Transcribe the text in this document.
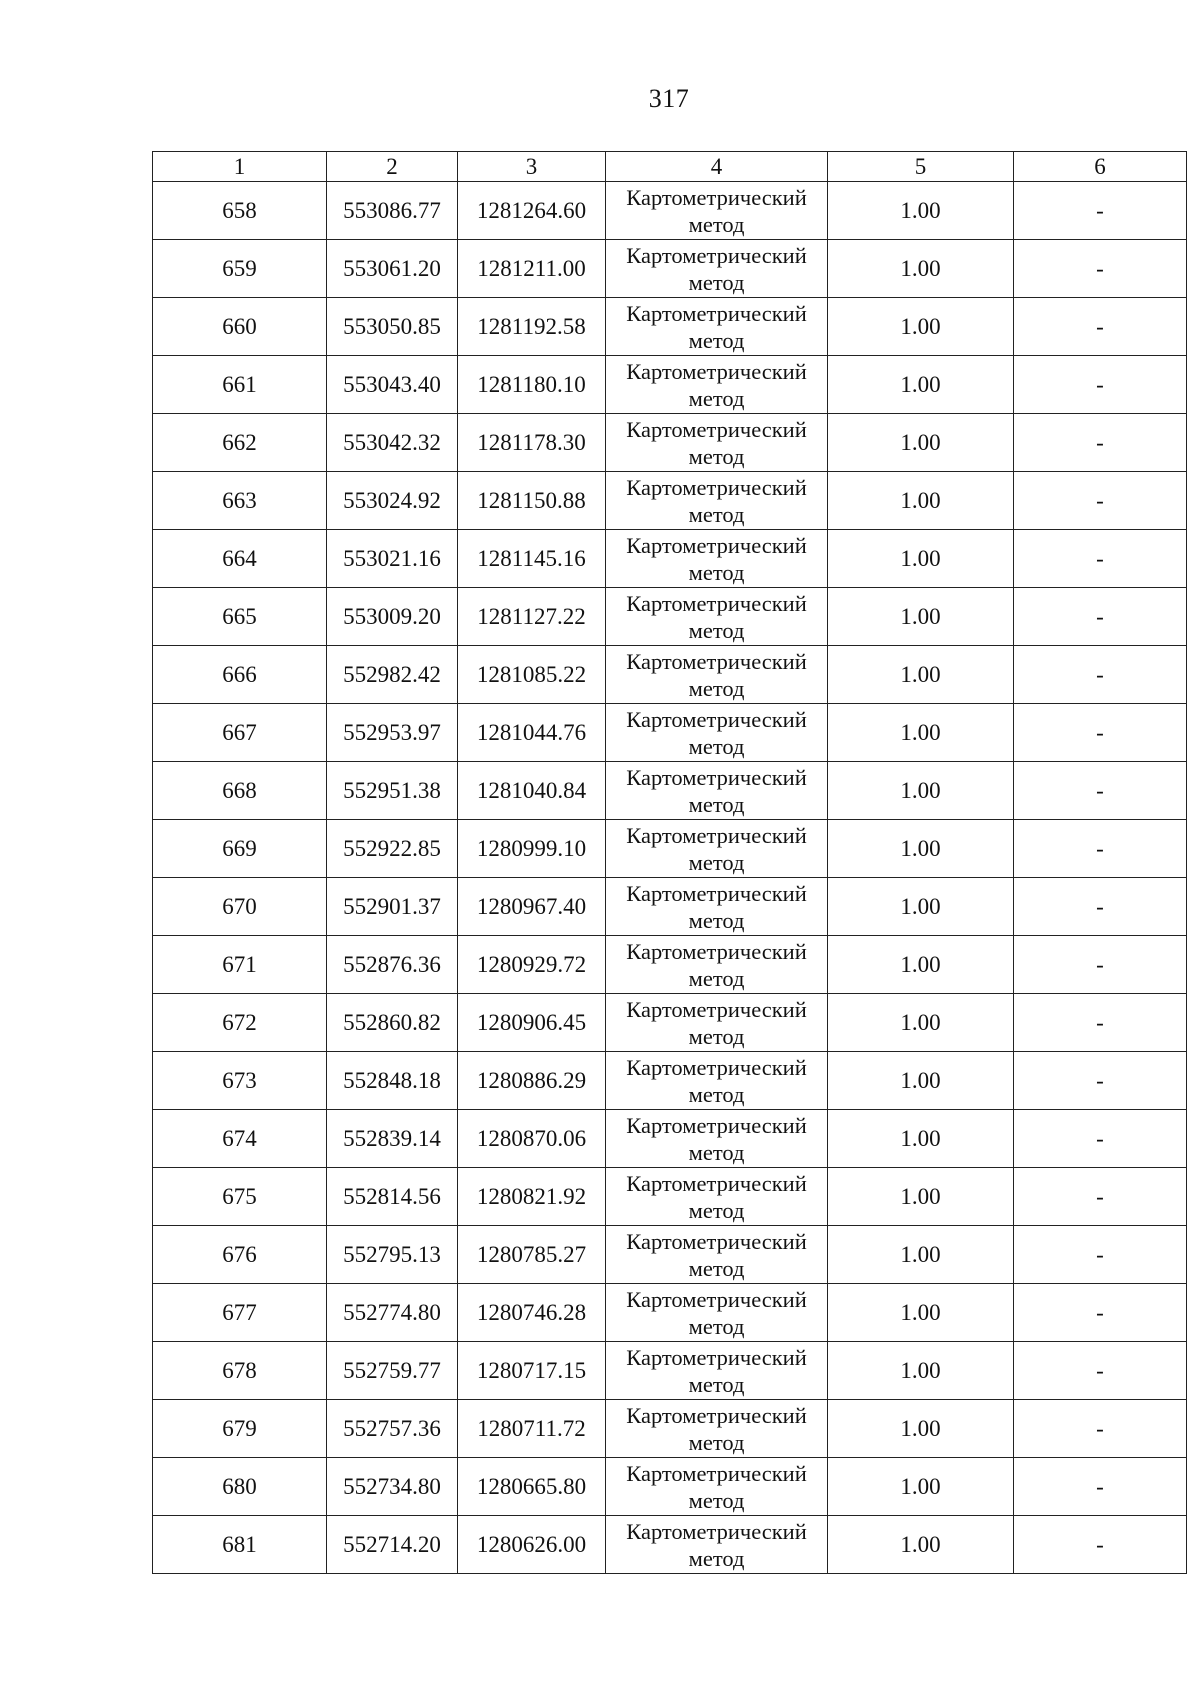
317
1	2	3	4	5	6
658	553086.77	1281264.60	Картометрический метод	1.00	-
659	553061.20	1281211.00	Картометрический метод	1.00	-
660	553050.85	1281192.58	Картометрический метод	1.00	-
661	553043.40	1281180.10	Картометрический метод	1.00	-
662	553042.32	1281178.30	Картометрический метод	1.00	-
663	553024.92	1281150.88	Картометрический метод	1.00	-
664	553021.16	1281145.16	Картометрический метод	1.00	-
665	553009.20	1281127.22	Картометрический метод	1.00	-
666	552982.42	1281085.22	Картометрический метод	1.00	-
667	552953.97	1281044.76	Картометрический метод	1.00	-
668	552951.38	1281040.84	Картометрический метод	1.00	-
669	552922.85	1280999.10	Картометрический метод	1.00	-
670	552901.37	1280967.40	Картометрический метод	1.00	-
671	552876.36	1280929.72	Картометрический метод	1.00	-
672	552860.82	1280906.45	Картометрический метод	1.00	-
673	552848.18	1280886.29	Картометрический метод	1.00	-
674	552839.14	1280870.06	Картометрический метод	1.00	-
675	552814.56	1280821.92	Картометрический метод	1.00	-
676	552795.13	1280785.27	Картометрический метод	1.00	-
677	552774.80	1280746.28	Картометрический метод	1.00	-
678	552759.77	1280717.15	Картометрический метод	1.00	-
679	552757.36	1280711.72	Картометрический метод	1.00	-
680	552734.80	1280665.80	Картометрический метод	1.00	-
681	552714.20	1280626.00	Картометрический метод	1.00	-
